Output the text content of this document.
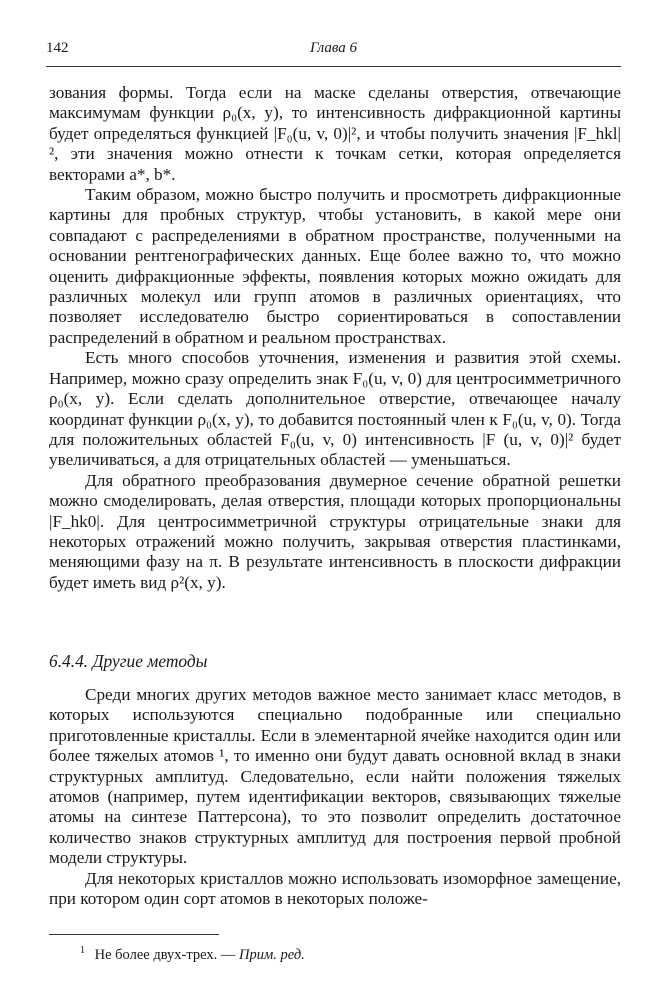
142	Глава 6

зования формы. Тогда если на маске сделаны отверстия, отвечающие максимумам функции ρ₀(x, y), то интенсивность дифракционной картины будет определяться функцией |F₀(u, v, 0)|², и чтобы получить значения |F_hkl|², эти значения можно отнести к точкам сетки, которая определяется векторами a*, b*.

Таким образом, можно быстро получить и просмотреть дифракционные картины для пробных структур, чтобы установить, в какой мере они совпадают с распределениями в обратном пространстве, полученными на основании рентгенографических данных. Еще более важно то, что можно оценить дифракционные эффекты, появления которых можно ожидать для различных молекул или групп атомов в различных ориентациях, что позволяет исследователю быстро сориентироваться в сопоставлении распределений в обратном и реальном пространствах.

Есть много способов уточнения, изменения и развития этой схемы. Например, можно сразу определить знак F₀(u, v, 0) для центросимметричного ρ₀(x, y). Если сделать дополнительное отверстие, отвечающее началу координат функции ρ₀(x, y), то добавится постоянный член к F₀(u, v, 0). Тогда для положительных областей F₀(u, v, 0) интенсивность |F (u, v, 0)|² будет увеличиваться, а для отрицательных областей — уменьшаться.

Для обратного преобразования двумерное сечение обратной решетки можно смоделировать, делая отверстия, площади которых пропорциональны |F_hk0|. Для центросимметричной структуры отрицательные знаки для некоторых отражений можно получить, закрывая отверстия пластинками, меняющими фазу на π. В результате интенсивность в плоскости дифракции будет иметь вид ρ²(x, y).

6.4.4. Другие методы

Среди многих других методов важное место занимает класс методов, в которых используются специально подобранные или специально приготовленные кристаллы. Если в элементарной ячейке находится один или более тяжелых атомов ¹, то именно они будут давать основной вклад в знаки структурных амплитуд. Следовательно, если найти положения тяжелых атомов (например, путем идентификации векторов, связывающих тяжелые атомы на синтезе Паттерсона), то это позволит определить достаточное количество знаков структурных амплитуд для построения первой пробной модели структуры.

Для некоторых кристаллов можно использовать изоморфное замещение, при котором один сорт атомов в некоторых положе-

$^1$ Не более двух-трех. — Прим. ред.
